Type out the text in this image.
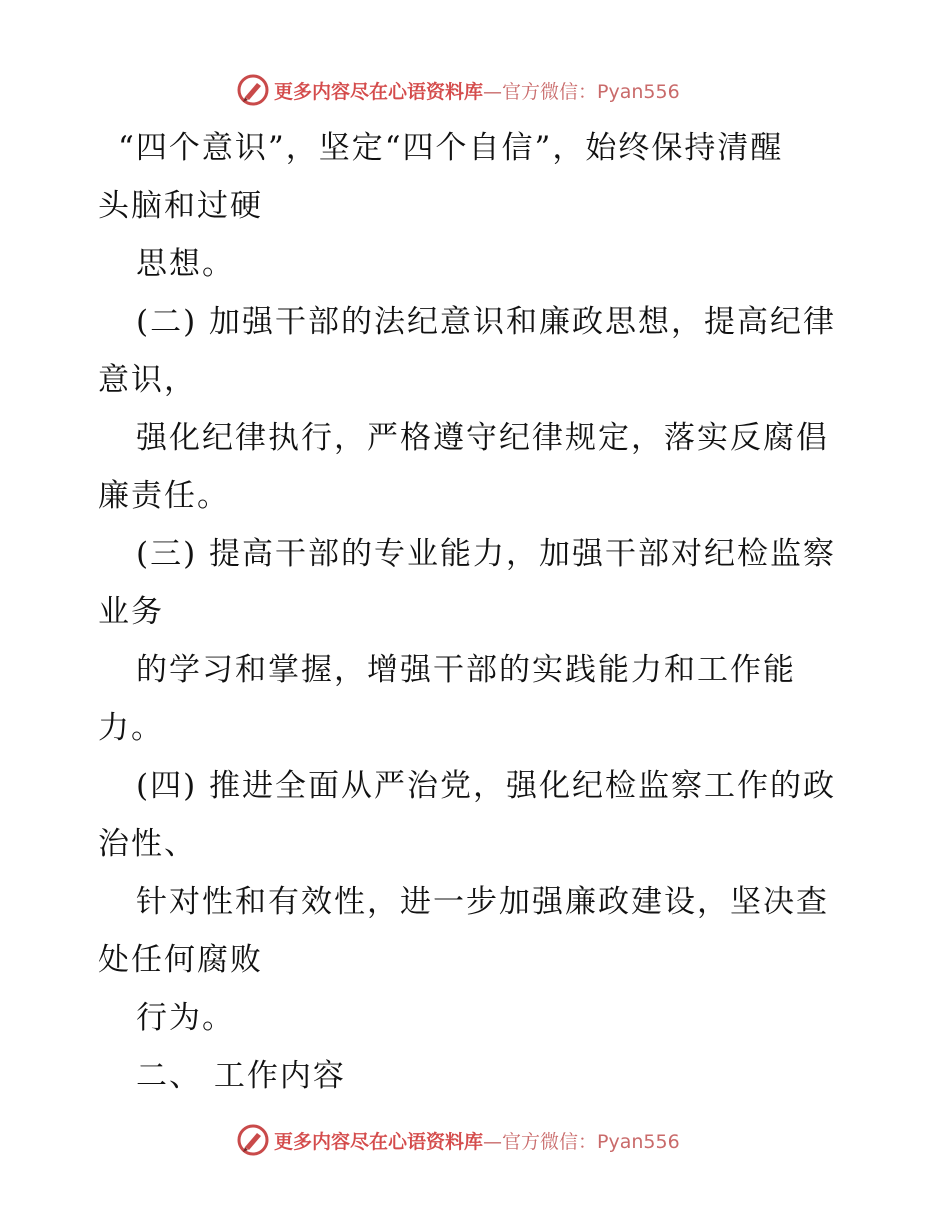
更多内容尽在心语资料库—官方微信：Pyan556
“四个意识”，坚定“四个自信”，始终保持清醒
头脑和过硬
思想。
(二) 加强干部的法纪意识和廉政思想，提高纪律
意识，
强化纪律执行，严格遵守纪律规定，落实反腐倡
廉责任。
(三) 提高干部的专业能力，加强干部对纪检监察
业务
的学习和掌握，增强干部的实践能力和工作能
力。
(四) 推进全面从严治党，强化纪检监察工作的政
治性、
针对性和有效性，进一步加强廉政建设，坚决查
处任何腐败
行为。
二、 工作内容
更多内容尽在心语资料库—官方微信：Pyan556
